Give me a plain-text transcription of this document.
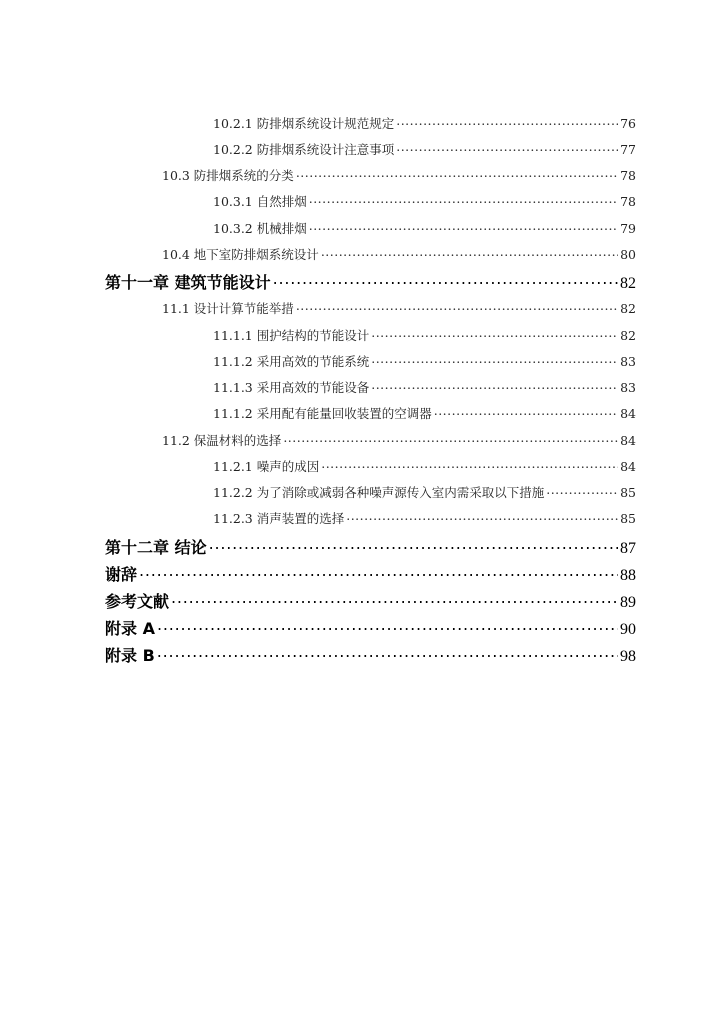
10.2.1 防排烟系统设计规范规定 .....	76
10.2.2 防排烟系统设计注意事项 .....	77
10.3 防排烟系统的分类 .....	78
10.3.1 自然排烟 .....	78
10.3.2 机械排烟 .....	79
10.4 地下室防排烟系统设计 .....	80
第十一章 建筑节能设计 .....	82
11.1 设计计算节能举措 .....	82
11.1.1 围护结构的节能设计 .....	82
11.1.2 采用高效的节能系统 .....	83
11.1.3 采用高效的节能设备 .....	83
11.1.2 采用配有能量回收装置的空调器 .....	84
11.2 保温材料的选择 .....	84
11.2.1 噪声的成因 .....	84
11.2.2 为了消除或减弱各种噪声源传入室内需采取以下措施 .....	85
11.2.3 消声装置的选择 .....	85
第十二章 结论 .....	87
谢辞 .....	88
参考文献 .....	89
附录 A .....	90
附录 B .....	98
